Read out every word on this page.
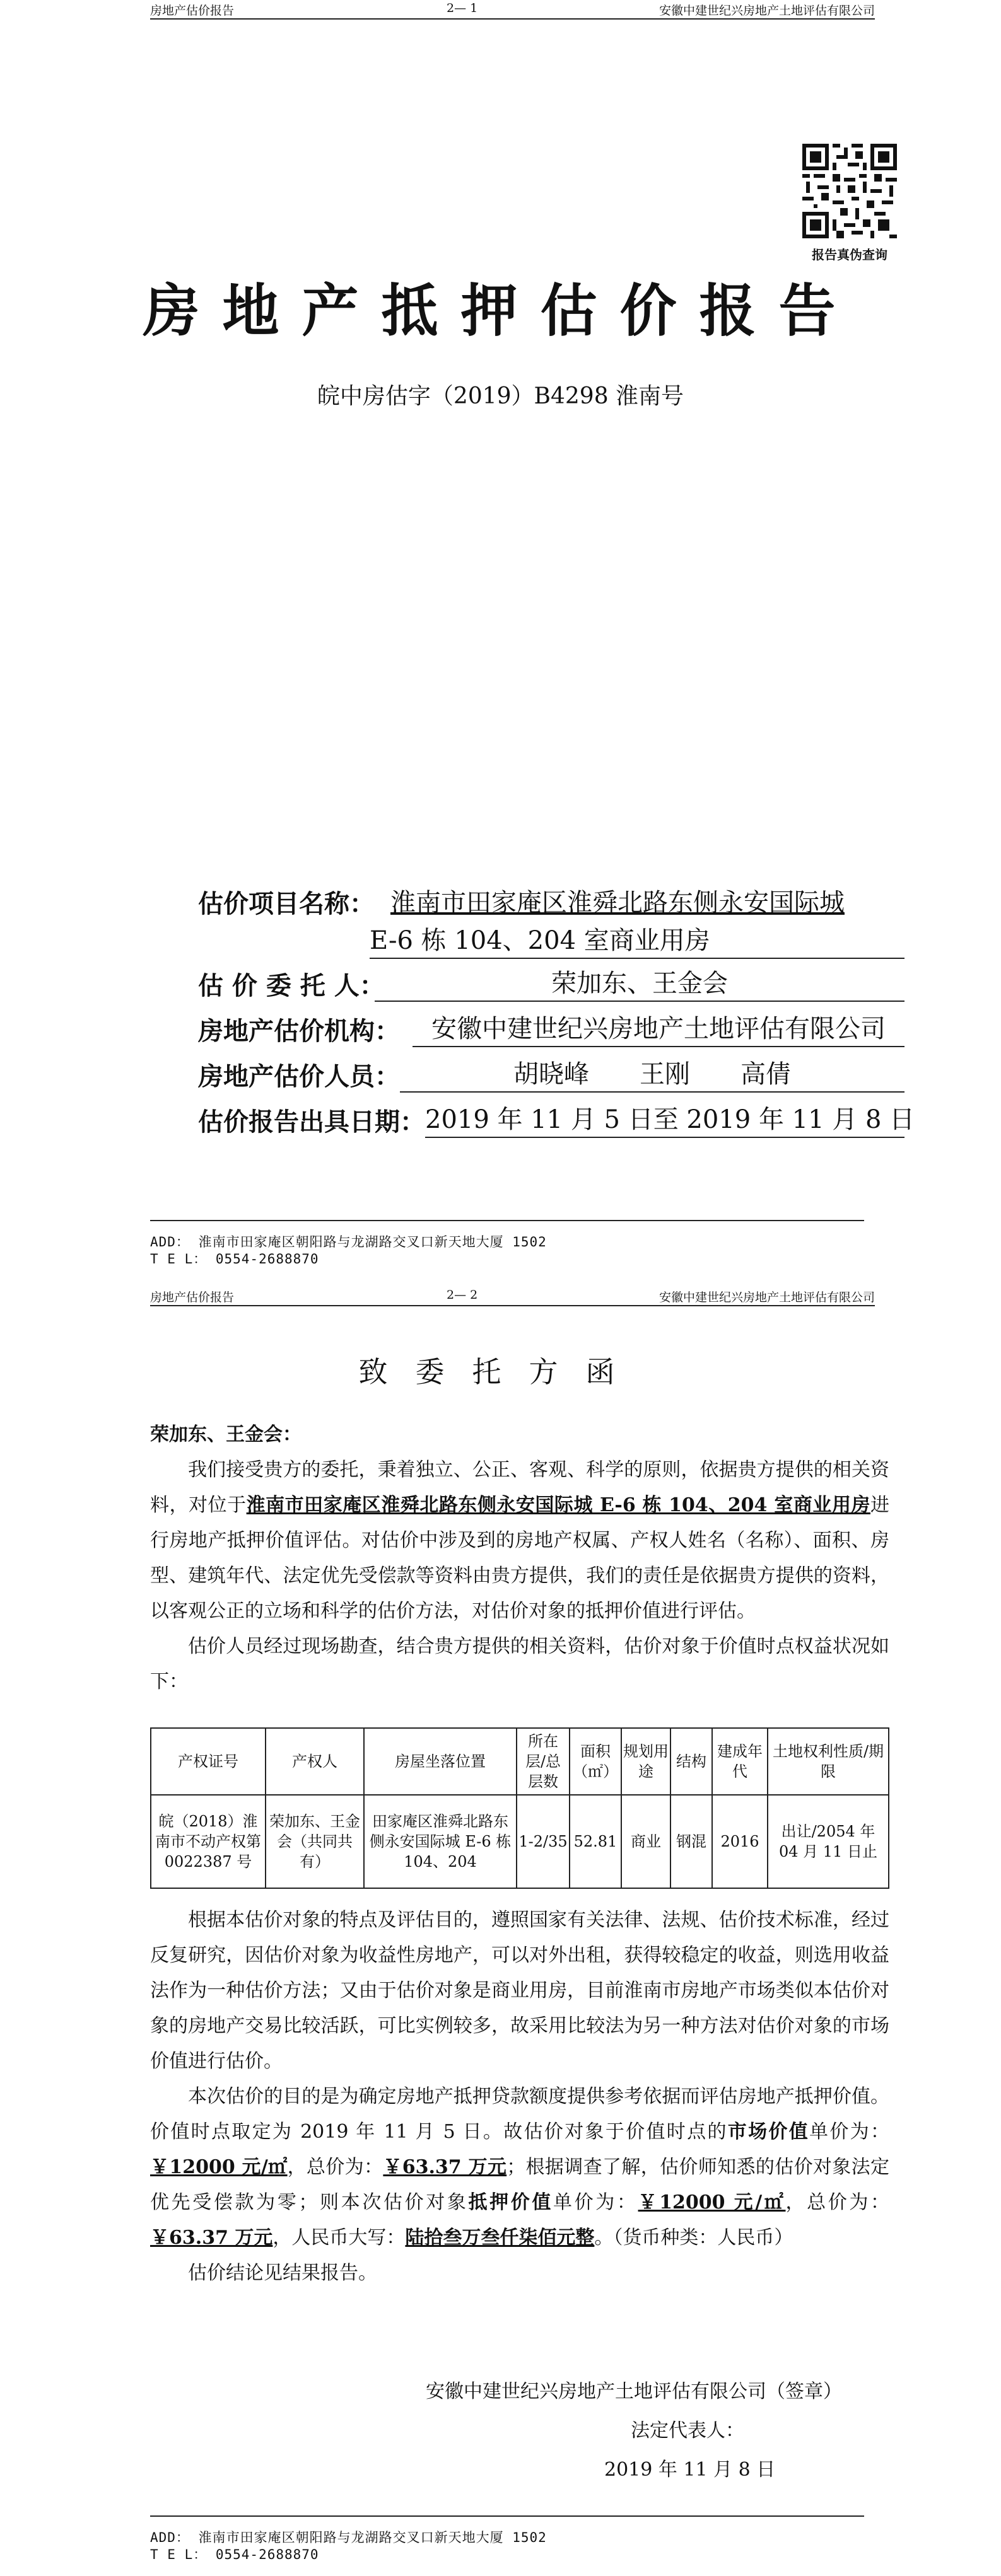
房地产估价报告	2— 1	安徽中建世纪兴房地产土地评估有限公司
报告真伪查询
房地产抵押估价报告
皖中房估字（2019）B4298 淮南号
估价项目名称： 淮南市田家庵区淮舜北路东侧永安国际城
E-6 栋 104、204 室商业用房
估 价 委 托 人：	荣加东、王金会
房地产估价机构：	安徽中建世纪兴房地产土地评估有限公司
房地产估价人员：	胡晓峰　　王刚　　高倩
估价报告出具日期： 2019 年 11 月 5 日至 2019 年 11 月 8 日
ADD： 淮南市田家庵区朝阳路与龙湖路交叉口新天地大厦 1502
T E L： 0554-2688870
房地产估价报告	2— 2	安徽中建世纪兴房地产土地评估有限公司
致委托方函

荣加东、王金会：

我们接受贵方的委托，秉着独立、公正、客观、科学的原则，依据贵方提供的相关资料，对位于淮南市田家庵区淮舜北路东侧永安国际城 E-6 栋 104、204 室商业用房进行房地产抵押价值评估。对估价中涉及到的房地产权属、产权人姓名（名称）、面积、房型、建筑年代、法定优先受偿款等资料由贵方提供，我们的责任是依据贵方提供的资料，以客观公正的立场和科学的估价方法，对估价对象的抵押价值进行评估。

估价人员经过现场勘查，结合贵方提供的相关资料，估价对象于价值时点权益状况如下：

产权证号	产权人	房屋坐落位置	所在层/总层数	面积（㎡）	规划用途	结构	建成年代	土地权利性质/期限
皖（2018）淮南市不动产权第0022387 号	荣加东、王金会（共同共有）	田家庵区淮舜北路东侧永安国际城 E-6 栋104、204	1-2/35	52.81	商业	钢混	2016	出让/2054 年 04 月 11 日止

根据本估价对象的特点及评估目的，遵照国家有关法律、法规、估价技术标准，经过反复研究，因估价对象为收益性房地产，可以对外出租，获得较稳定的收益，则选用收益法作为一种估价方法；又由于估价对象是商业用房，目前淮南市房地产市场类似本估价对象的房地产交易比较活跃，可比实例较多，故采用比较法为另一种方法对估价对象的市场价值进行估价。

本次估价的目的是为确定房地产抵押贷款额度提供参考依据而评估房地产抵押价值。价值时点取定为 2019 年 11 月 5 日。故估价对象于价值时点的市场价值单价为：￥12000 元/㎡，总价为：￥63.37 万元；根据调查了解，估价师知悉的估价对象法定优先受偿款为零；则本次估价对象抵押价值单价为：￥12000 元/㎡，总价为：￥63.37 万元，人民币大写：陆拾叁万叁仟柒佰元整。（货币种类：人民币）

估价结论见结果报告。

安徽中建世纪兴房地产土地评估有限公司（签章）
法定代表人：
2019 年 11 月 8 日
ADD： 淮南市田家庵区朝阳路与龙湖路交叉口新天地大厦 1502
T E L： 0554-2688870
